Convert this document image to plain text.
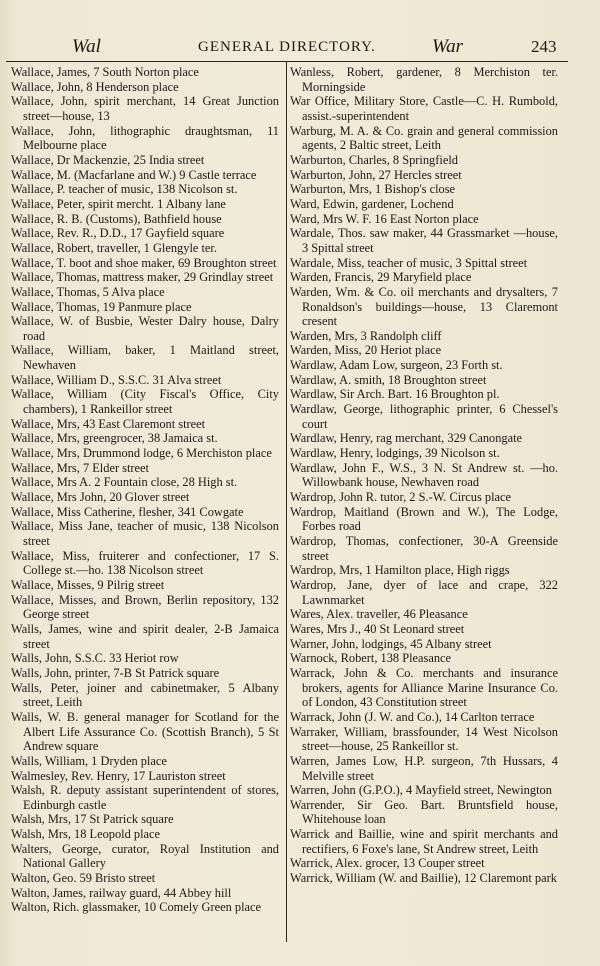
Wal	GENERAL DIRECTORY.	War	243

Wallace, James, 7 South Norton place

Wallace, John, 8 Henderson place

Wallace, John, spirit merchant, 14 Great Junction street—house, 13

Wallace, John, lithographic draughtsman, 11 Melbourne place

Wallace, Dr Mackenzie, 25 India street

Wallace, M. (Macfarlane and W.) 9 Castle terrace

Wallace, P. teacher of music, 138 Nicolson st.

Wallace, Peter, spirit mercht. 1 Albany lane

Wallace, R. B. (Customs), Bathfield house

Wallace, Rev. R., D.D., 17 Gayfield square

Wallace, Robert, traveller, 1 Glengyle ter.

Wallace, T. boot and shoe maker, 69 Broughton street

Wallace, Thomas, mattress maker, 29 Grindlay street

Wallace, Thomas, 5 Alva place

Wallace, Thomas, 19 Panmure place

Wallace, W. of Busbie, Wester Dalry house, Dalry road

Wallace, William, baker, 1 Maitland street, Newhaven

Wallace, William D., S.S.C. 31 Alva street

Wallace, William (City Fiscal's Office, City chambers), 1 Rankeillor street

Wallace, Mrs, 43 East Claremont street

Wallace, Mrs, greengrocer, 38 Jamaica st.

Wallace, Mrs, Drummond lodge, 6 Merchiston place

Wallace, Mrs, 7 Elder street

Wallace, Mrs A. 2 Fountain close, 28 High st.

Wallace, Mrs John, 20 Glover street

Wallace, Miss Catherine, flesher, 341 Cowgate

Wallace, Miss Jane, teacher of music, 138 Nicolson street

Wallace, Miss, fruiterer and confectioner, 17 S. College st.—ho. 138 Nicolson street

Wallace, Misses, 9 Pilrig street

Wallace, Misses, and Brown, Berlin repository, 132 George street

Walls, James, wine and spirit dealer, 2-B Jamaica street

Walls, John, S.S.C. 33 Heriot row

Walls, John, printer, 7-B St Patrick square

Walls, Peter, joiner and cabinetmaker, 5 Albany street, Leith

Walls, W. B. general manager for Scotland for the Albert Life Assurance Co. (Scottish Branch), 5 St Andrew square

Walls, William, 1 Dryden place

Walmesley, Rev. Henry, 17 Lauriston street

Walsh, R. deputy assistant superintendent of stores, Edinburgh castle

Walsh, Mrs, 17 St Patrick square

Walsh, Mrs, 18 Leopold place

Walters, George, curator, Royal Institution and National Gallery

Walton, Geo. 59 Bristo street

Walton, James, railway guard, 44 Abbey hill

Walton, Rich. glassmaker, 10 Comely Green place

Wanless, Robert, gardener, 8 Merchiston ter. Morningside

War Office, Military Store, Castle—C. H. Rumbold, assist.-superintendent

Warburg, M. A. & Co. grain and general commission agents, 2 Baltic street, Leith

Warburton, Charles, 8 Springfield

Warburton, John, 27 Hercles street

Warburton, Mrs, 1 Bishop's close

Ward, Edwin, gardener, Lochend

Ward, Mrs W. F. 16 East Norton place

Wardale, Thos. saw maker, 44 Grassmarket —house, 3 Spittal street

Wardale, Miss, teacher of music, 3 Spittal street

Warden, Francis, 29 Maryfield place

Warden, Wm. & Co. oil merchants and drysalters, 7 Ronaldson's buildings—house, 13 Claremont cresent

Warden, Mrs, 3 Randolph cliff

Warden, Miss, 20 Heriot place

Wardlaw, Adam Low, surgeon, 23 Forth st.

Wardlaw, A. smith, 18 Broughton street

Wardlaw, Sir Arch. Bart. 16 Broughton pl.

Wardlaw, George, lithographic printer, 6 Chessel's court

Wardlaw, Henry, rag merchant, 329 Canongate

Wardlaw, Henry, lodgings, 39 Nicolson st.

Wardlaw, John F., W.S., 3 N. St Andrew st. —ho. Willowbank house, Newhaven road

Wardrop, John R. tutor, 2 S.-W. Circus place

Wardrop, Maitland (Brown and W.), The Lodge, Forbes road

Wardrop, Thomas, confectioner, 30-A Greenside street

Wardrop, Mrs, 1 Hamilton place, High riggs

Wardrop, Jane, dyer of lace and crape, 322 Lawnmarket

Wares, Alex. traveller, 46 Pleasance

Wares, Mrs J., 40 St Leonard street

Warner, John, lodgings, 45 Albany street

Warnock, Robert, 138 Pleasance

Warrack, John & Co. merchants and insurance brokers, agents for Alliance Marine Insurance Co. of London, 43 Constitution street

Warrack, John (J. W. and Co.), 14 Carlton terrace

Warraker, William, brassfounder, 14 West Nicolson street—house, 25 Rankeillor st.

Warren, James Low, H.P. surgeon, 7th Hussars, 4 Melville street

Warren, John (G.P.O.), 4 Mayfield street, Newington

Warrender, Sir Geo. Bart. Bruntsfield house, Whitehouse loan

Warrick and Baillie, wine and spirit merchants and rectifiers, 6 Foxe's lane, St Andrew street, Leith

Warrick, Alex. grocer, 13 Couper street

Warrick, William (W. and Baillie), 12 Claremont park
